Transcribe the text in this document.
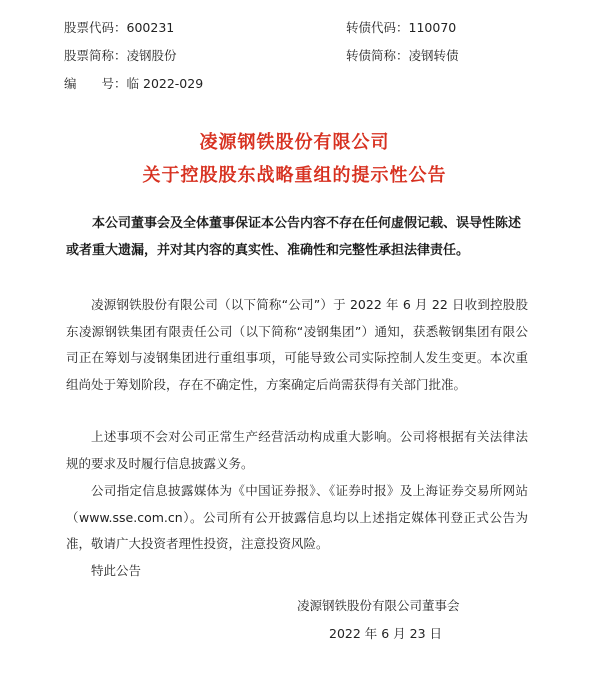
股票代码：600231	转债代码：110070
股票简称：凌钢股份	转债简称：凌钢转债
编　　号：临 2022-029
凌源钢铁股份有限公司
关于控股股东战略重组的提示性公告
本公司董事会及全体董事保证本公告内容不存在任何虚假记载、误导性陈述或者重大遗漏，并对其内容的真实性、准确性和完整性承担法律责任。
凌源钢铁股份有限公司（以下简称“公司”）于 2022 年 6 月 22 日收到控股股东凌源钢铁集团有限责任公司（以下简称“凌钢集团”）通知，获悉鞍钢集团有限公司正在筹划与凌钢集团进行重组事项，可能导致公司实际控制人发生变更。本次重组尚处于筹划阶段，存在不确定性，方案确定后尚需获得有关部门批准。
上述事项不会对公司正常生产经营活动构成重大影响。公司将根据有关法律法规的要求及时履行信息披露义务。
公司指定信息披露媒体为《中国证券报》、《证券时报》及上海证券交易所网站（www.sse.com.cn）。公司所有公开披露信息均以上述指定媒体刊登正式公告为准，敬请广大投资者理性投资，注意投资风险。
特此公告
凌源钢铁股份有限公司董事会
2022 年 6 月 23 日
